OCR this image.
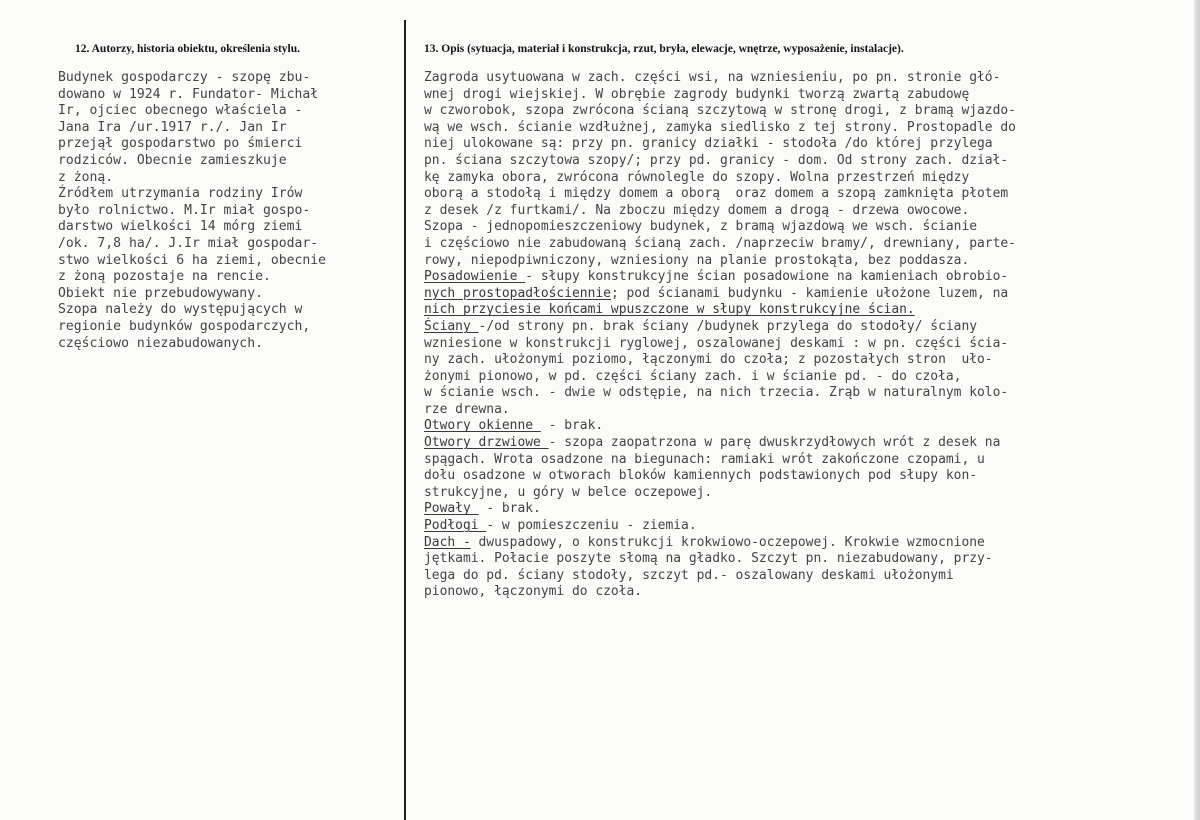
12. Autorzy, historia obiektu, określenia stylu.	13. Opis (sytuacja, materiał i konstrukcja, rzut, bryła, elewacje, wnętrze, wyposażenie, instalacje).
Budynek gospodarczy - szopę zbu-
dowano w 1924 r. Fundator- Michał
Ir, ojciec obecnego właściela -
Jana Ira /ur.1917 r./. Jan Ir
przejął gospodarstwo po śmierci
rodziców. Obecnie zamieszkuje
z żoną.
Źródłem utrzymania rodziny Irów
było rolnictwo. M.Ir miał gospo-
darstwo wielkości 14 mórg ziemi
/ok. 7,8 ha/. J.Ir miał gospodar-
stwo wielkości 6 ha ziemi, obecnie
z żoną pozostaje na rencie.
Obiekt nie przebudowywany.
Szopa należy do występujących w
regionie budynków gospodarczych,
częściowo niezabudowanych.
Zagroda usytuowana w zach. części wsi, na wzniesieniu, po pn. stronie głó-
wnej drogi wiejskiej. W obrębie zagrody budynki tworzą zwartą zabudowę
w czworobok, szopa zwrócona ścianą szczytową w stronę drogi, z bramą wjazdo-
wą we wsch. ścianie wzdłużnej, zamyka siedlisko z tej strony. Prostopadle do
niej ulokowane są: przy pn. granicy działki - stodoła /do której przylega
pn. ściana szczytowa szopy/; przy pd. granicy - dom. Od strony zach. dział-
kę zamyka obora, zwrócona równolegle do szopy. Wolna przestrzeń między
oborą a stodołą i między domem a oborą  oraz domem a szopą zamknięta płotem
z desek /z furtkami/. Na zboczu między domem a drogą - drzewa owocowe.
Szopa - jednopomieszczeniowy budynek, z bramą wjazdową we wsch. ścianie
i częściowo nie zabudowaną ścianą zach. /naprzeciw bramy/, drewniany, parte-
rowy, niepodpiwniczony, wzniesiony na planie prostokąta, bez poddasza.
Posadowienie - słupy konstrukcyjne ścian posadowione na kamieniach obrobio-
nych prostopadłościennie; pod ścianami budynku - kamienie ułożone luzem, na
nich przyciesie końcami wpuszczone w słupy konstrukcyjne ścian.
Ściany -/od strony pn. brak ściany /budynek przylega do stodoły/ ściany
wzniesione w konstrukcji ryglowej, oszalowanej deskami : w pn. części ścia-
ny zach. ułożonymi poziomo, łączonymi do czoła; z pozostałych stron  uło-
żonymi pionowo, w pd. części ściany zach. i w ścianie pd. - do czoła,
w ścianie wsch. - dwie w odstępie, na nich trzecia. Zrąb w naturalnym kolo-
rze drewna.
Otwory okienne  - brak.
Otwory drzwiowe - szopa zaopatrzona w parę dwuskrzydłowych wrót z desek na
spągach. Wrota osadzone na biegunach: ramiaki wrót zakończone czopami, u
dołu osadzone w otworach bloków kamiennych podstawionych pod słupy kon-
strukcyjne, u góry w belce oczepowej.
Powały  - brak.
Podłogi - w pomieszczeniu - ziemia.
Dach - dwuspadowy, o konstrukcji krokwiowo-oczepowej. Krokwie wzmocnione
jętkami. Połacie poszyte słomą na gładko. Szczyt pn. niezabudowany, przy-
lega do pd. ściany stodoły, szczyt pd.- oszalowany deskami ułożonymi
pionowo, łączonymi do czoła.
